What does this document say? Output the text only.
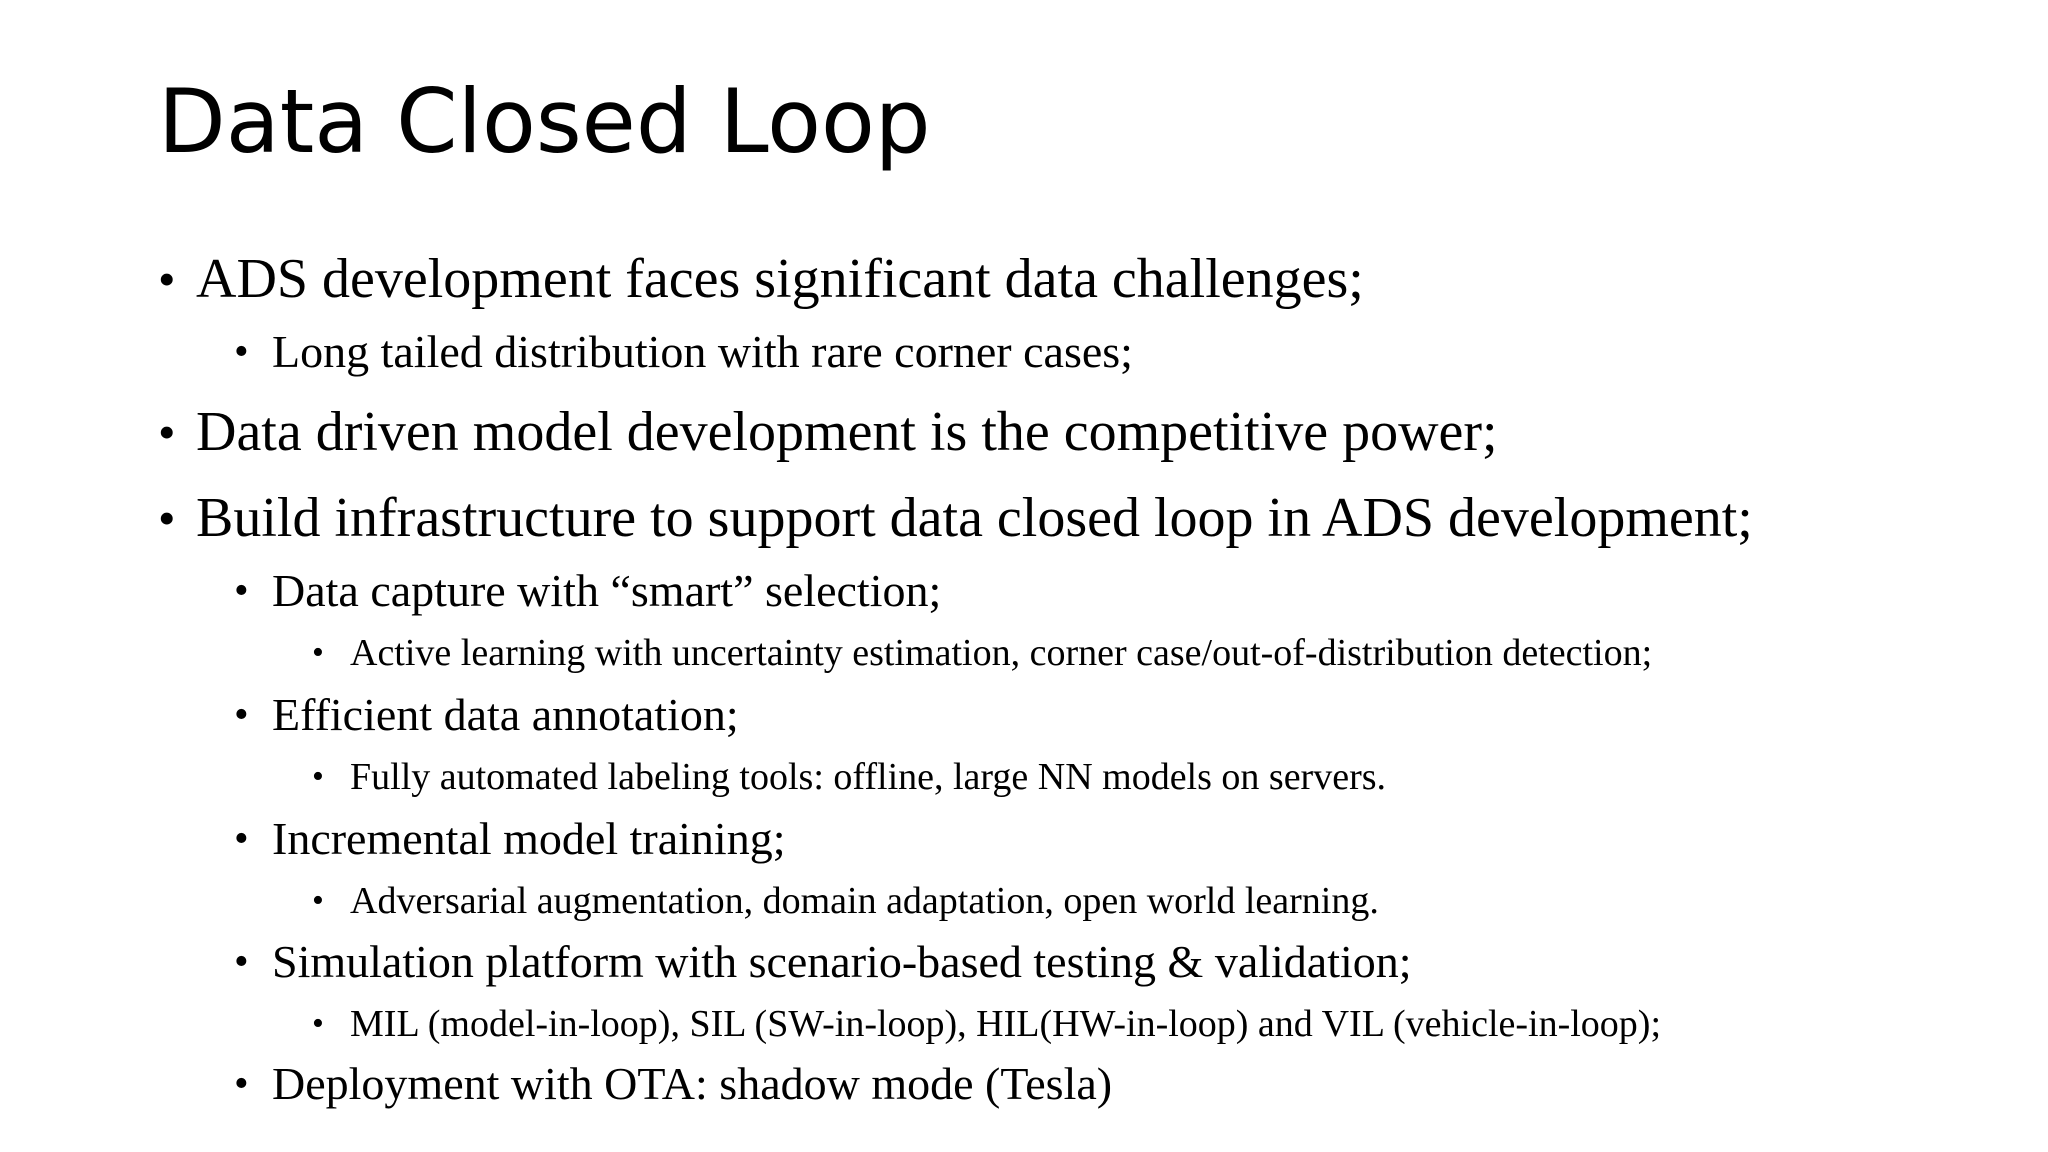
Data Closed Loop
• ADS development faces significant data challenges;
• Long tailed distribution with rare corner cases;
• Data driven model development is the competitive power;
• Build infrastructure to support data closed loop in ADS development;
• Data capture with “smart” selection;
• Active learning with uncertainty estimation, corner case/out-of-distribution detection;
• Efficient data annotation;
• Fully automated labeling tools: offline, large NN models on servers.
• Incremental model training;
• Adversarial augmentation, domain adaptation, open world learning.
• Simulation platform with scenario-based testing & validation;
• MIL (model-in-loop), SIL (SW-in-loop), HIL(HW-in-loop) and VIL (vehicle-in-loop);
• Deployment with OTA: shadow mode (Tesla)
